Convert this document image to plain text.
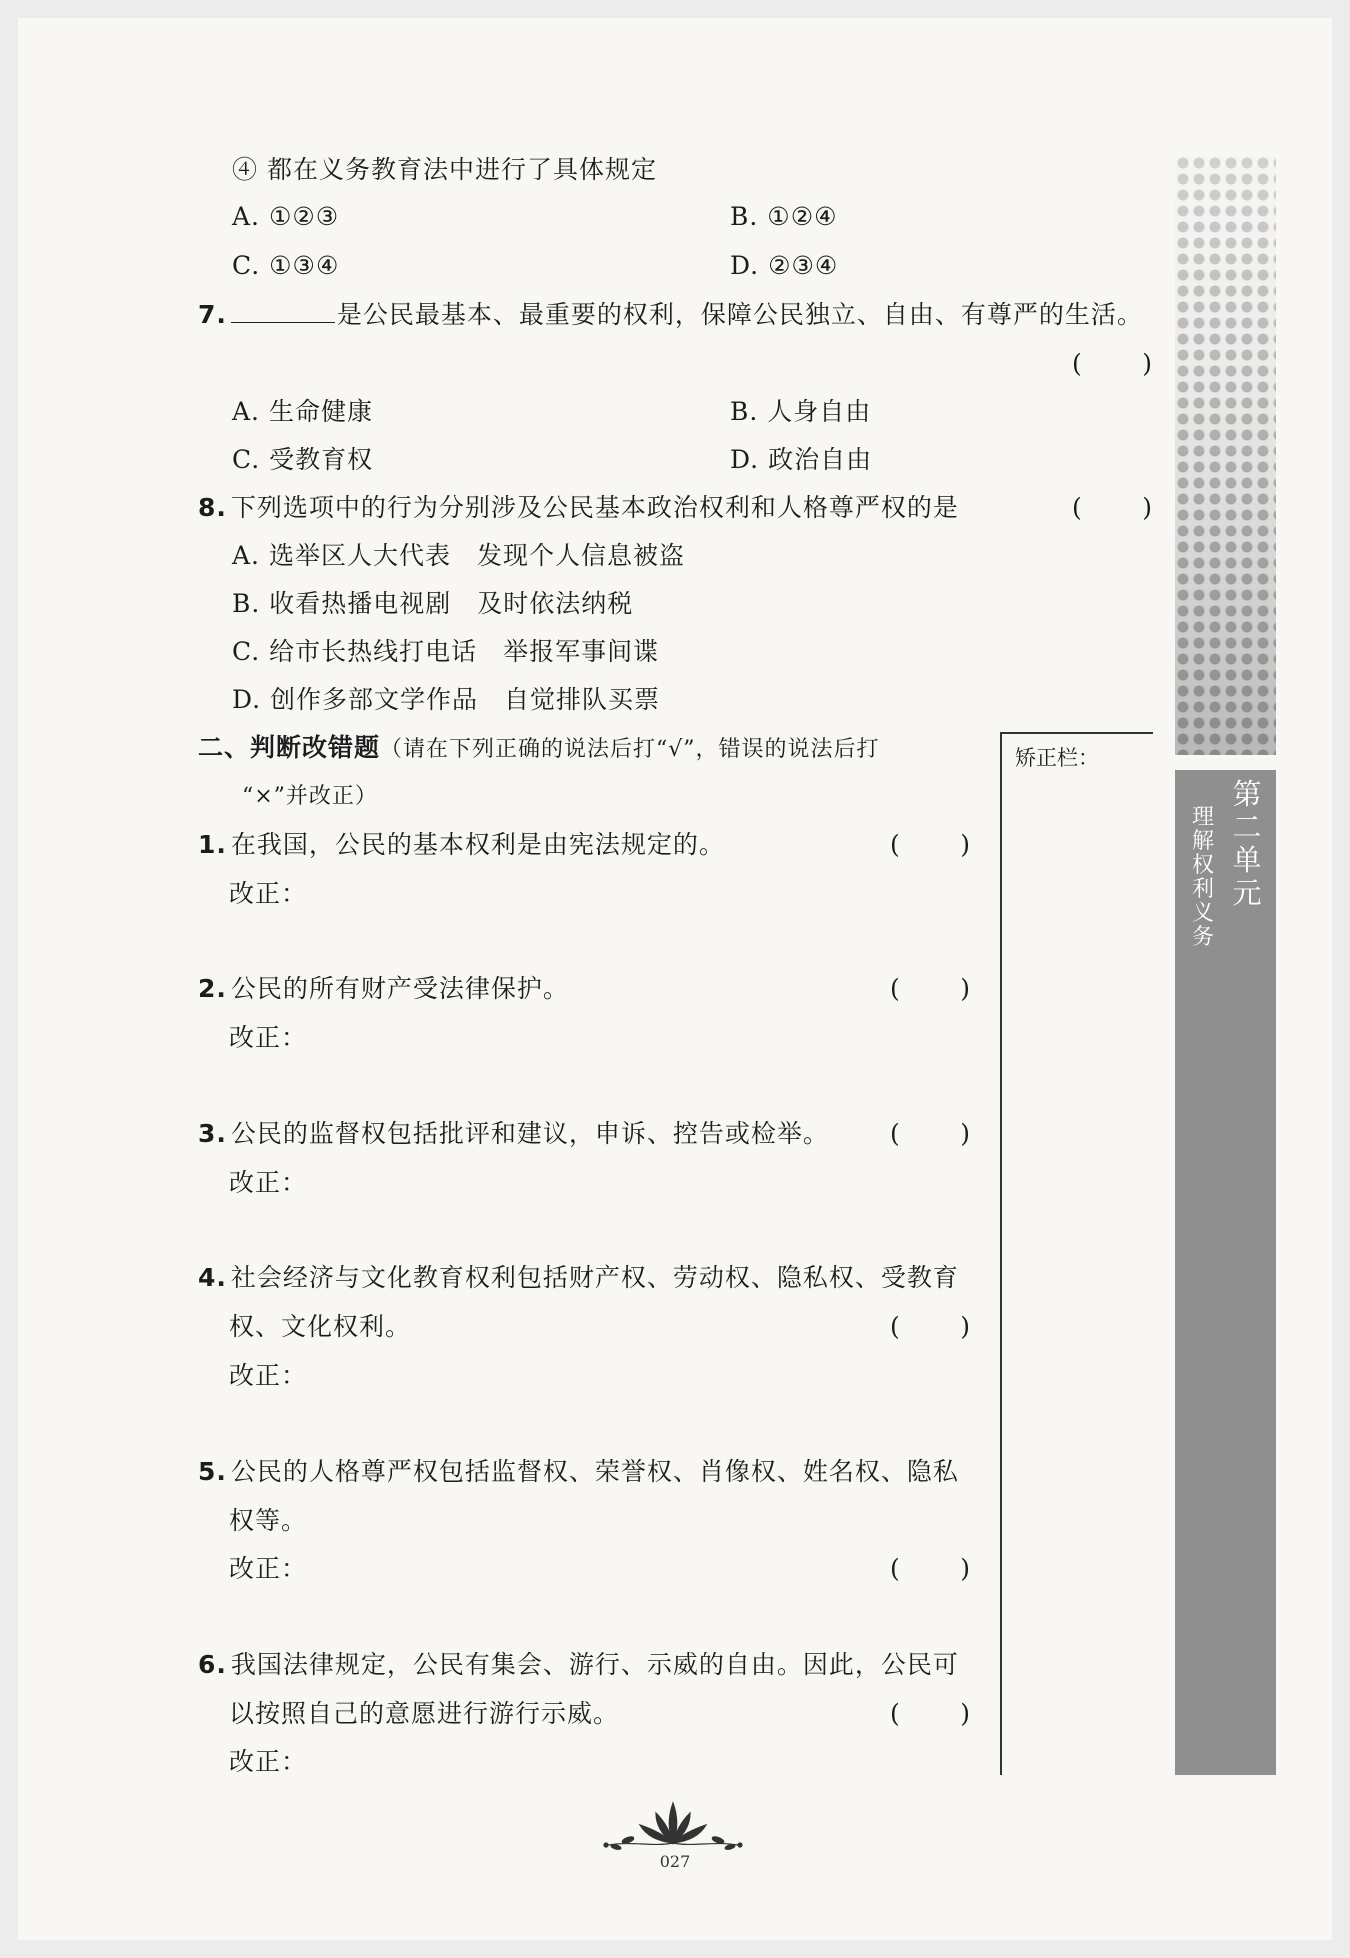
④ 都在义务教育法中进行了具体规定
A. ①②③	B. ①②④
C. ①③④	D. ②③④
7.	是公民最基本、最重要的权利，保障公民独立、自由、有尊严的生活。
( )
A. 生命健康	B. 人身自由
C. 受教育权	D. 政治自由
8. 下列选项中的行为分别涉及公民基本政治权利和人格尊严权的是	( )
A. 选举区人大代表　发现个人信息被盗
B. 收看热播电视剧　及时依法纳税
C. 给市长热线打电话　举报军事间谍
D. 创作多部文学作品　自觉排队买票
二、判断改错题（请在下列正确的说法后打“√”，错误的说法后打
“×”并改正）
矫正栏：
1. 在我国，公民的基本权利是由宪法规定的。	( )
改正：
2. 公民的所有财产受法律保护。	( )
改正：
3. 公民的监督权包括批评和建议，申诉、控告或检举。 ( )
改正：
4. 社会经济与文化教育权利包括财产权、劳动权、隐私权、受教育
权、文化权利。	( )
改正：
5. 公民的人格尊严权包括监督权、荣誉权、肖像权、姓名权、隐私
权等。
改正：	( )
6. 我国法律规定，公民有集会、游行、示威的自由。因此，公民可
以按照自己的意愿进行游行示威。	( )
改正：
第二单元
理解权利义务
027
